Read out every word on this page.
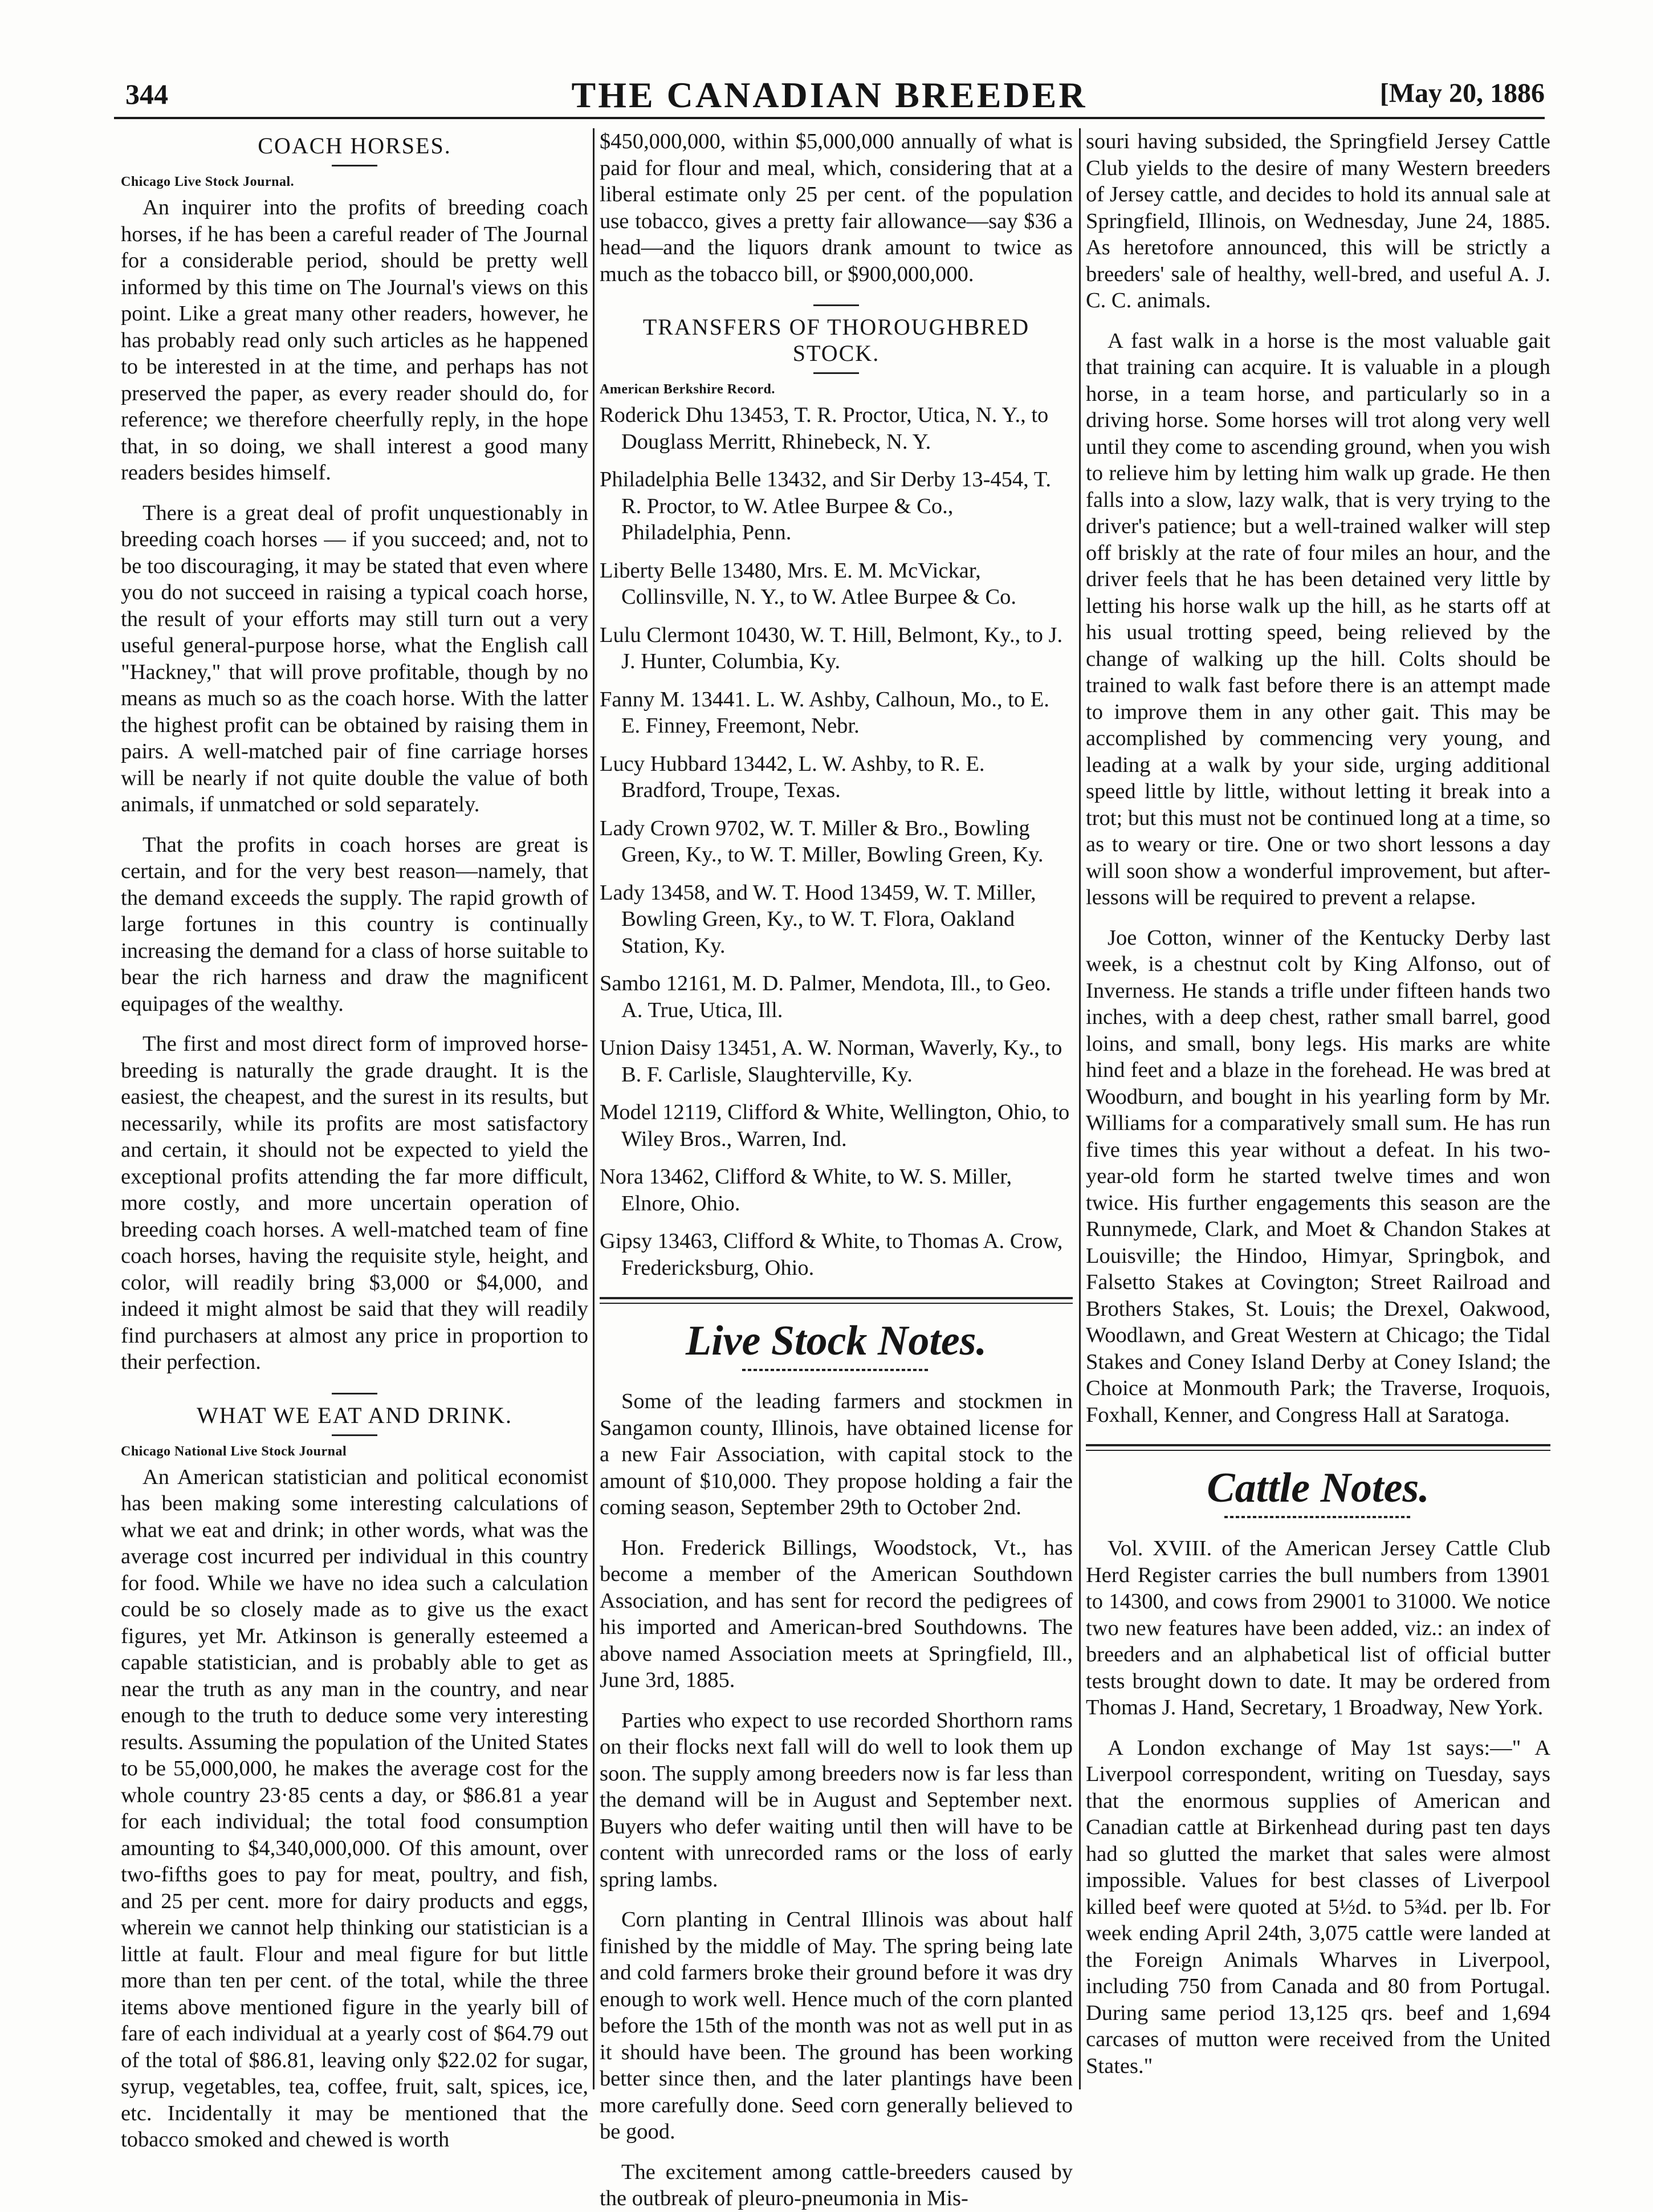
344	THE CANADIAN BREEDER	[May 20, 1886
COACH HORSES.
Chicago Live Stock Journal.

An inquirer into the profits of breeding coach horses, if he has been a careful reader of The Journal for a considerable period, should be pretty well informed by this time on The Journal's views on this point. Like a great many other readers, however, he has probably read only such articles as he happened to be interested in at the time, and perhaps has not preserved the paper, as every reader should do, for reference; we therefore cheerfully reply, in the hope that, in so doing, we shall interest a good many readers besides himself.

There is a great deal of profit unquestionably in breeding coach horses — if you succeed; and, not to be too discouraging, it may be stated that even where you do not succeed in raising a typical coach horse, the result of your efforts may still turn out a very useful general-purpose horse, what the English call "Hackney," that will prove profitable, though by no means as much so as the coach horse. With the latter the highest profit can be obtained by raising them in pairs. A well-matched pair of fine carriage horses will be nearly if not quite double the value of both animals, if unmatched or sold separately.

That the profits in coach horses are great is certain, and for the very best reason—namely, that the demand exceeds the supply. The rapid growth of large fortunes in this country is continually increasing the demand for a class of horse suitable to bear the rich harness and draw the magnificent equipages of the wealthy.

The first and most direct form of improved horse-breeding is naturally the grade draught. It is the easiest, the cheapest, and the surest in its results, but necessarily, while its profits are most satisfactory and certain, it should not be expected to yield the exceptional profits attending the far more difficult, more costly, and more uncertain operation of breeding coach horses. A well-matched team of fine coach horses, having the requisite style, height, and color, will readily bring $3,000 or $4,000, and indeed it might almost be said that they will readily find purchasers at almost any price in proportion to their perfection.

WHAT WE EAT AND DRINK.
Chicago National Live Stock Journal

An American statistician and political economist has been making some interesting calculations of what we eat and drink; in other words, what was the average cost incurred per individual in this country for food. While we have no idea such a calculation could be so closely made as to give us the exact figures, yet Mr. Atkinson is generally esteemed a capable statistician, and is probably able to get as near the truth as any man in the country, and near enough to the truth to deduce some very interesting results. Assuming the population of the United States to be 55,000,000, he makes the average cost for the whole country 23·85 cents a day, or $86.81 a year for each individual; the total food consumption amounting to $4,340,000,000. Of this amount, over two-fifths goes to pay for meat, poultry, and fish, and 25 per cent. more for dairy products and eggs, wherein we cannot help thinking our statistician is a little at fault. Flour and meal figure for but little more than ten per cent. of the total, while the three items above mentioned figure in the yearly bill of fare of each individual at a yearly cost of $64.79 out of the total of $86.81, leaving only $22.02 for sugar, syrup, vegetables, tea, coffee, fruit, salt, spices, ice, etc. Incidentally it may be mentioned that the tobacco smoked and chewed is worth

$450,000,000, within $5,000,000 annually of what is paid for flour and meal, which, considering that at a liberal estimate only 25 per cent. of the population use tobacco, gives a pretty fair allowance—say $36 a head—and the liquors drank amount to twice as much as the tobacco bill, or $900,000,000.

TRANSFERS OF THOROUGHBRED STOCK.
American Berkshire Record.
Roderick Dhu 13453, T. R. Proctor, Utica, N. Y., to Douglass Merritt, Rhinebeck, N. Y.
Philadelphia Belle 13432, and Sir Derby 13-454, T. R. Proctor, to W. Atlee Burpee & Co., Philadelphia, Penn.
Liberty Belle 13480, Mrs. E. M. McVickar, Collinsville, N. Y., to W. Atlee Burpee & Co.
Lulu Clermont 10430, W. T. Hill, Belmont, Ky., to J. J. Hunter, Columbia, Ky.
Fanny M. 13441. L. W. Ashby, Calhoun, Mo., to E. E. Finney, Freemont, Nebr.
Lucy Hubbard 13442, L. W. Ashby, to R. E. Bradford, Troupe, Texas.
Lady Crown 9702, W. T. Miller & Bro., Bowling Green, Ky., to W. T. Miller, Bowling Green, Ky.
Lady 13458, and W. T. Hood 13459, W. T. Miller, Bowling Green, Ky., to W. T. Flora, Oakland Station, Ky.
Sambo 12161, M. D. Palmer, Mendota, Ill., to Geo. A. True, Utica, Ill.
Union Daisy 13451, A. W. Norman, Waverly, Ky., to B. F. Carlisle, Slaughterville, Ky.
Model 12119, Clifford & White, Wellington, Ohio, to Wiley Bros., Warren, Ind.
Nora 13462, Clifford & White, to W. S. Miller, Elnore, Ohio.
Gipsy 13463, Clifford & White, to Thomas A. Crow, Fredericksburg, Ohio.
Live Stock Notes.

Some of the leading farmers and stockmen in Sangamon county, Illinois, have obtained license for a new Fair Association, with capital stock to the amount of $10,000. They propose holding a fair the coming season, September 29th to October 2nd.

Hon. Frederick Billings, Woodstock, Vt., has become a member of the American Southdown Association, and has sent for record the pedigrees of his imported and American-bred Southdowns. The above named Association meets at Springfield, Ill., June 3rd, 1885.

Parties who expect to use recorded Shorthorn rams on their flocks next fall will do well to look them up soon. The supply among breeders now is far less than the demand will be in August and September next. Buyers who defer waiting until then will have to be content with unrecorded rams or the loss of early spring lambs.

Corn planting in Central Illinois was about half finished by the middle of May. The spring being late and cold farmers broke their ground before it was dry enough to work well. Hence much of the corn planted before the 15th of the month was not as well put in as it should have been. The ground has been working better since then, and the later plantings have been more carefully done. Seed corn generally believed to be good.

The excitement among cattle-breeders caused by the outbreak of pleuro-pneumonia in Mis-

souri having subsided, the Springfield Jersey Cattle Club yields to the desire of many Western breeders of Jersey cattle, and decides to hold its annual sale at Springfield, Illinois, on Wednesday, June 24, 1885. As heretofore announced, this will be strictly a breeders' sale of healthy, well-bred, and useful A. J. C. C. animals.

A fast walk in a horse is the most valuable gait that training can acquire. It is valuable in a plough horse, in a team horse, and particularly so in a driving horse. Some horses will trot along very well until they come to ascending ground, when you wish to relieve him by letting him walk up grade. He then falls into a slow, lazy walk, that is very trying to the driver's patience; but a well-trained walker will step off briskly at the rate of four miles an hour, and the driver feels that he has been detained very little by letting his horse walk up the hill, as he starts off at his usual trotting speed, being relieved by the change of walking up the hill. Colts should be trained to walk fast before there is an attempt made to improve them in any other gait. This may be accomplished by commencing very young, and leading at a walk by your side, urging additional speed little by little, without letting it break into a trot; but this must not be continued long at a time, so as to weary or tire. One or two short lessons a day will soon show a wonderful improvement, but after-lessons will be required to prevent a relapse.

Joe Cotton, winner of the Kentucky Derby last week, is a chestnut colt by King Alfonso, out of Inverness. He stands a trifle under fifteen hands two inches, with a deep chest, rather small barrel, good loins, and small, bony legs. His marks are white hind feet and a blaze in the forehead. He was bred at Woodburn, and bought in his yearling form by Mr. Williams for a comparatively small sum. He has run five times this year without a defeat. In his two-year-old form he started twelve times and won twice. His further engagements this season are the Runnymede, Clark, and Moet & Chandon Stakes at Louisville; the Hindoo, Himyar, Springbok, and Falsetto Stakes at Covington; Street Railroad and Brothers Stakes, St. Louis; the Drexel, Oakwood, Woodlawn, and Great Western at Chicago; the Tidal Stakes and Coney Island Derby at Coney Island; the Choice at Monmouth Park; the Traverse, Iroquois, Foxhall, Kenner, and Congress Hall at Saratoga.

Cattle Notes.

Vol. XVIII. of the American Jersey Cattle Club Herd Register carries the bull numbers from 13901 to 14300, and cows from 29001 to 31000. We notice two new features have been added, viz.: an index of breeders and an alphabetical list of official butter tests brought down to date. It may be ordered from Thomas J. Hand, Secretary, 1 Broadway, New York.

A London exchange of May 1st says:—" A Liverpool correspondent, writing on Tuesday, says that the enormous supplies of American and Canadian cattle at Birkenhead during past ten days had so glutted the market that sales were almost impossible. Values for best classes of Liverpool killed beef were quoted at 5½d. to 5¾d. per lb. For week ending April 24th, 3,075 cattle were landed at the Foreign Animals Wharves in Liverpool, including 750 from Canada and 80 from Portugal. During same period 13,125 qrs. beef and 1,694 carcases of mutton were received from the United States."
